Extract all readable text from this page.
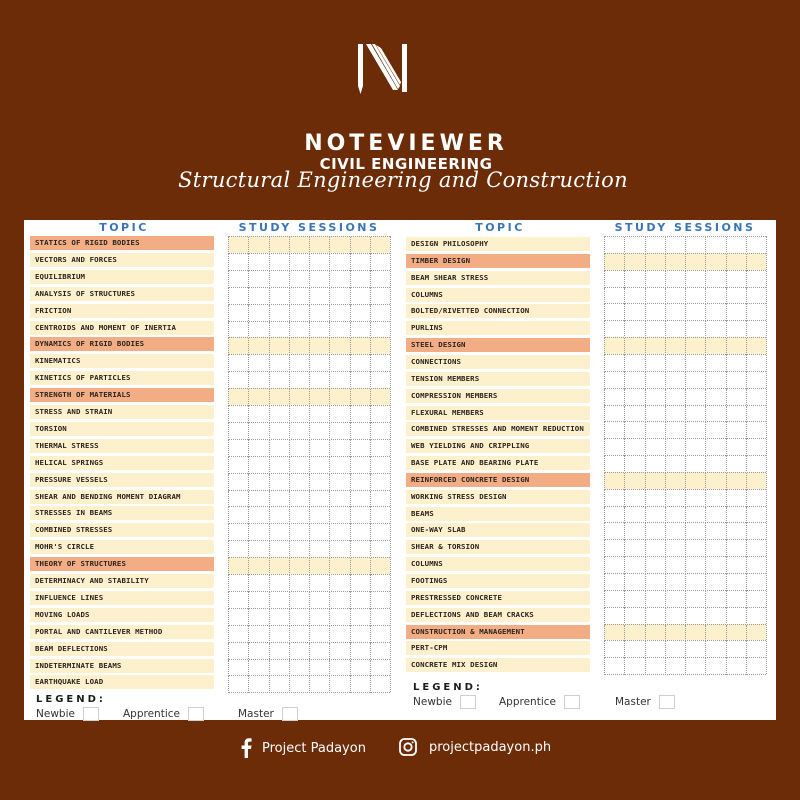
NOTEVIEWER
CIVIL ENGINEERING
Structural Engineering and Construction
TOPIC	STUDY SESSIONS	TOPIC	STUDY SESSIONS
STATICS OF RIGID BODIES
VECTORS AND FORCES
EQUILIBRIUM
ANALYSIS OF STRUCTURES
FRICTION
CENTROIDS AND MOMENT OF INERTIA
DYNAMICS OF RIGID BODIES
KINEMATICS
KINETICS OF PARTICLES
STRENGTH OF MATERIALS
STRESS AND STRAIN
TORSION
THERMAL STRESS
HELICAL SPRINGS
PRESSURE VESSELS
SHEAR AND BENDING MOMENT DIAGRAM
STRESSES IN BEAMS
COMBINED STRESSES
MOHR'S CIRCLE
THEORY OF STRUCTURES
DETERMINACY AND STABILITY
INFLUENCE LINES
MOVING LOADS
PORTAL AND CANTILEVER METHOD
BEAM DEFLECTIONS
INDETERMINATE BEAMS
EARTHQUAKE LOAD
DESIGN PHILOSOPHY
TIMBER DESIGN
BEAM SHEAR STRESS
COLUMNS
BOLTED/RIVETTED CONNECTION
PURLINS
STEEL DESIGN
CONNECTIONS
TENSION MEMBERS
COMPRESSION MEMBERS
FLEXURAL MEMBERS
COMBINED STRESSES AND MOMENT REDUCTION
WEB YIELDING AND CRIPPLING
BASE PLATE AND BEARING PLATE
REINFORCED CONCRETE DESIGN
WORKING STRESS DESIGN
BEAMS
ONE-WAY SLAB
SHEAR & TORSION
COLUMNS
FOOTINGS
PRESTRESSED CONCRETE
DEFLECTIONS AND BEAM CRACKS
CONSTRUCTION & MANAGEMENT
PERT-CPM
CONCRETE MIX DESIGN
LEGEND:
Newbie	Apprentice	Master
LEGEND:
Newbie	Apprentice	Master
Project Padayon	projectpadayon.ph
